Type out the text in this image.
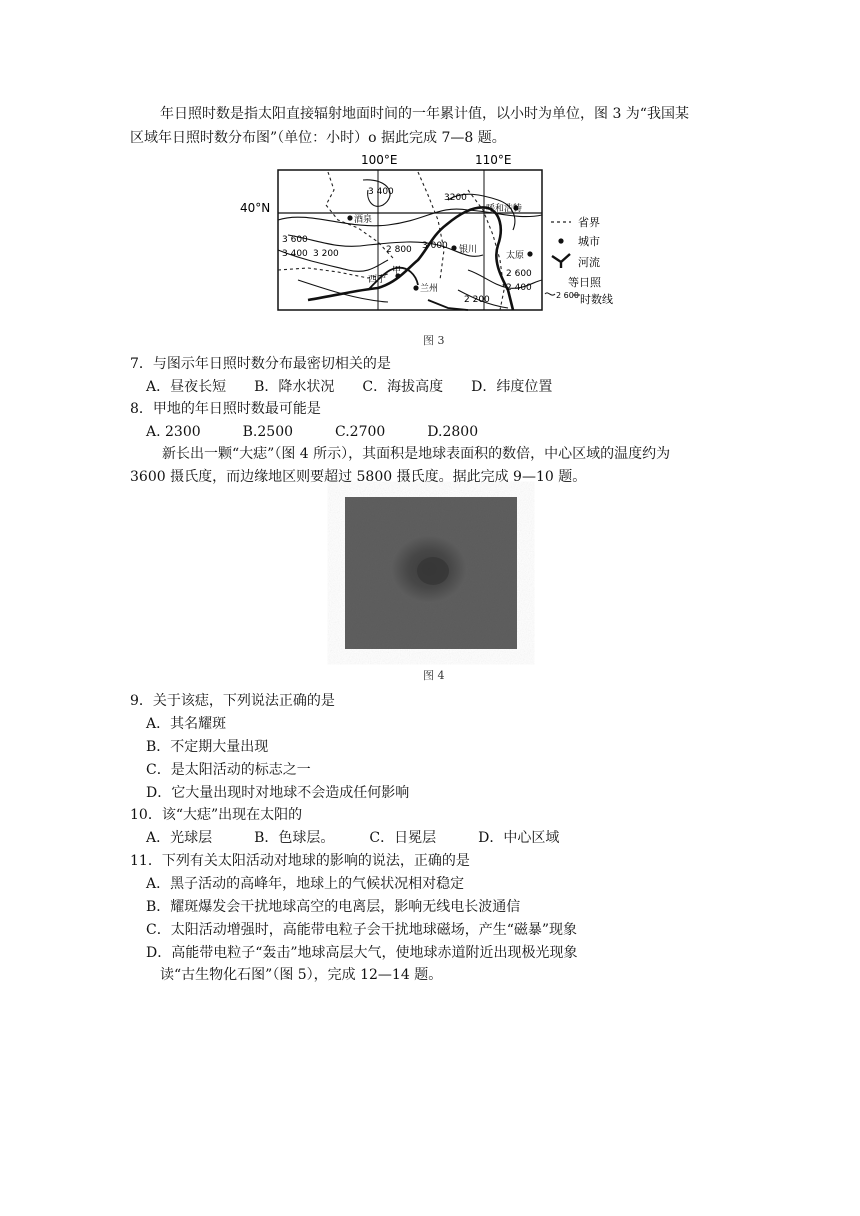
年日照时数是指太阳直接辐射地面时间的一年累计值，以小时为单位，图 3 为“我国某
区域年日照时数分布图”（单位：小时）o 据此完成 7—8 题。
100°E	110°E
40°N
酒泉
呼和浩特
银川
太原
西宁
兰州
甲
3 400
3200
3 600
3 400 3 200	2 800 3 000
2 600
2 400
2 200
省界
城市
河流
等日照
2 600 时数线
图 3
7．与图示年日照时数分布最密切相关的是
A．昼夜长短　　B．降水状况　　C．海拔高度　　D．纬度位置
8．甲地的年日照时数最可能是
A. 2300　　　B.2500　　　C.2700　　　D.2800
新长出一颗“大痣”（图 4 所示），其面积是地球表面积的数倍，中心区域的温度约为
3600 摄氏度，而边缘地区则要超过 5800 摄氏度。据此完成 9—10 题。
图 4
9．关于该痣，下列说法正确的是
A．其名耀斑
B．不定期大量出现
C．是太阳活动的标志之一
D．它大量出现时对地球不会造成任何影响
10．该“大痣”出现在太阳的
A．光球层　　　B．色球层。　　　C．日冕层　　　D．中心区域
11．下列有关太阳活动对地球的影响的说法，正确的是
A．黑子活动的高峰年，地球上的气候状况相对稳定
B．耀斑爆发会干扰地球高空的电离层，影响无线电长波通信
C．太阳活动增强时，高能带电粒子会干扰地球磁场，产生“磁暴”现象
D．高能带电粒子“轰击”地球高层大气，使地球赤道附近出现极光现象
读“古生物化石图”（图 5），完成 12—14 题。
